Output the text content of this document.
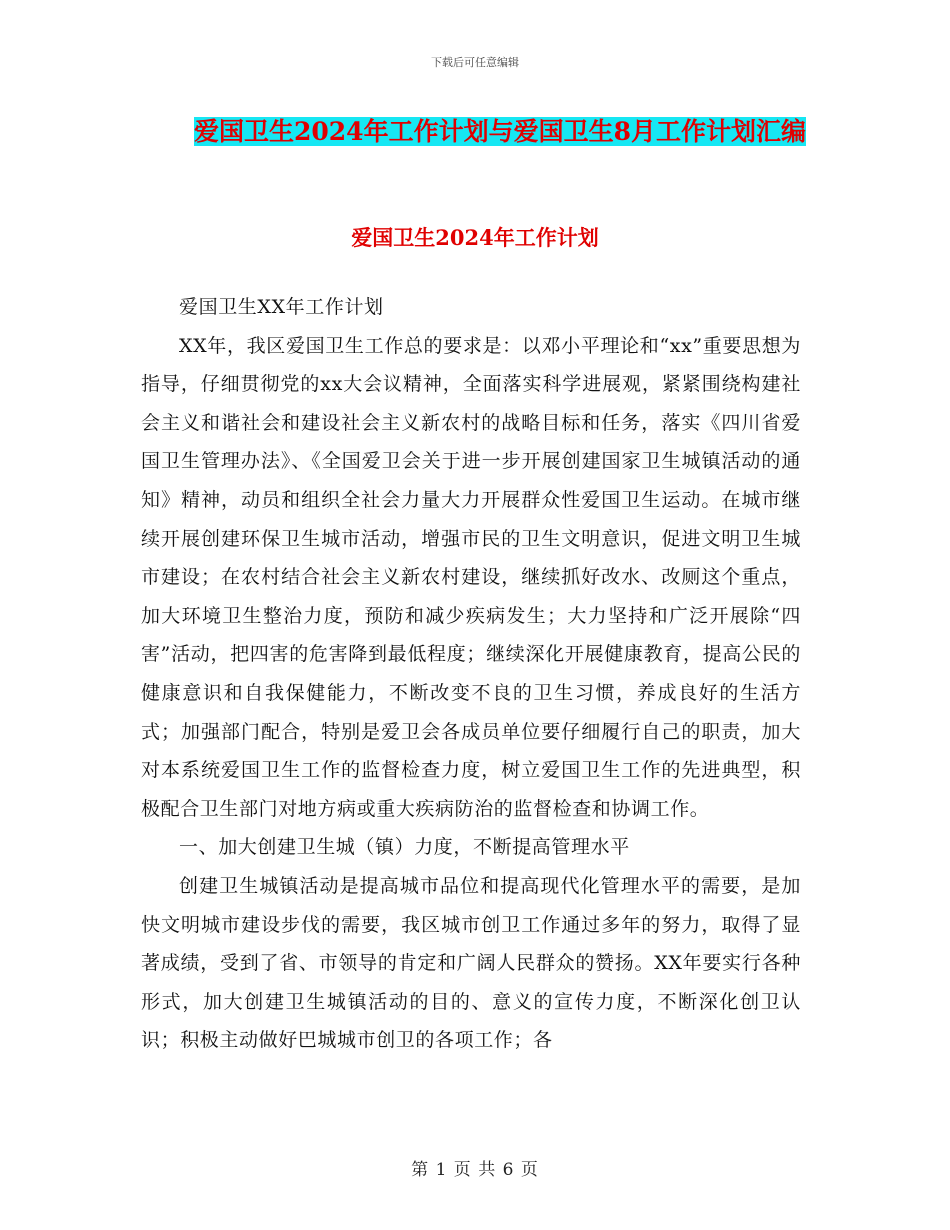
下载后可任意编辑
爱国卫生2024年工作计划与爱国卫生8月工作计划汇编
爱国卫生2024年工作计划

爱国卫生XX年工作计划

XX年，我区爱国卫生工作总的要求是：以邓小平理论和“xx”重要思想为指导，仔细贯彻党的xx大会议精神，全面落实科学进展观，紧紧围绕构建社会主义和谐社会和建设社会主义新农村的战略目标和任务，落实《四川省爱国卫生管理办法》、《全国爱卫会关于进一步开展创建国家卫生城镇活动的通知》精神，动员和组织全社会力量大力开展群众性爱国卫生运动。在城市继续开展创建环保卫生城市活动，增强市民的卫生文明意识，促进文明卫生城市建设；在农村结合社会主义新农村建设，继续抓好改水、改厕这个重点，加大环境卫生整治力度，预防和减少疾病发生；大力坚持和广泛开展除“四害”活动，把四害的危害降到最低程度；继续深化开展健康教育，提高公民的健康意识和自我保健能力，不断改变不良的卫生习惯，养成良好的生活方式；加强部门配合，特别是爱卫会各成员单位要仔细履行自己的职责，加大对本系统爱国卫生工作的监督检查力度，树立爱国卫生工作的先进典型，积极配合卫生部门对地方病或重大疾病防治的监督检查和协调工作。

一、加大创建卫生城（镇）力度，不断提高管理水平

创建卫生城镇活动是提高城市品位和提高现代化管理水平的需要，是加快文明城市建设步伐的需要，我区城市创卫工作通过多年的努力，取得了显著成绩，受到了省、市领导的肯定和广阔人民群众的赞扬。XX年要实行各种形式，加大创建卫生城镇活动的目的、意义的宣传力度，不断深化创卫认识；积极主动做好巴城城市创卫的各项工作；各

第 1 页 共 6 页
